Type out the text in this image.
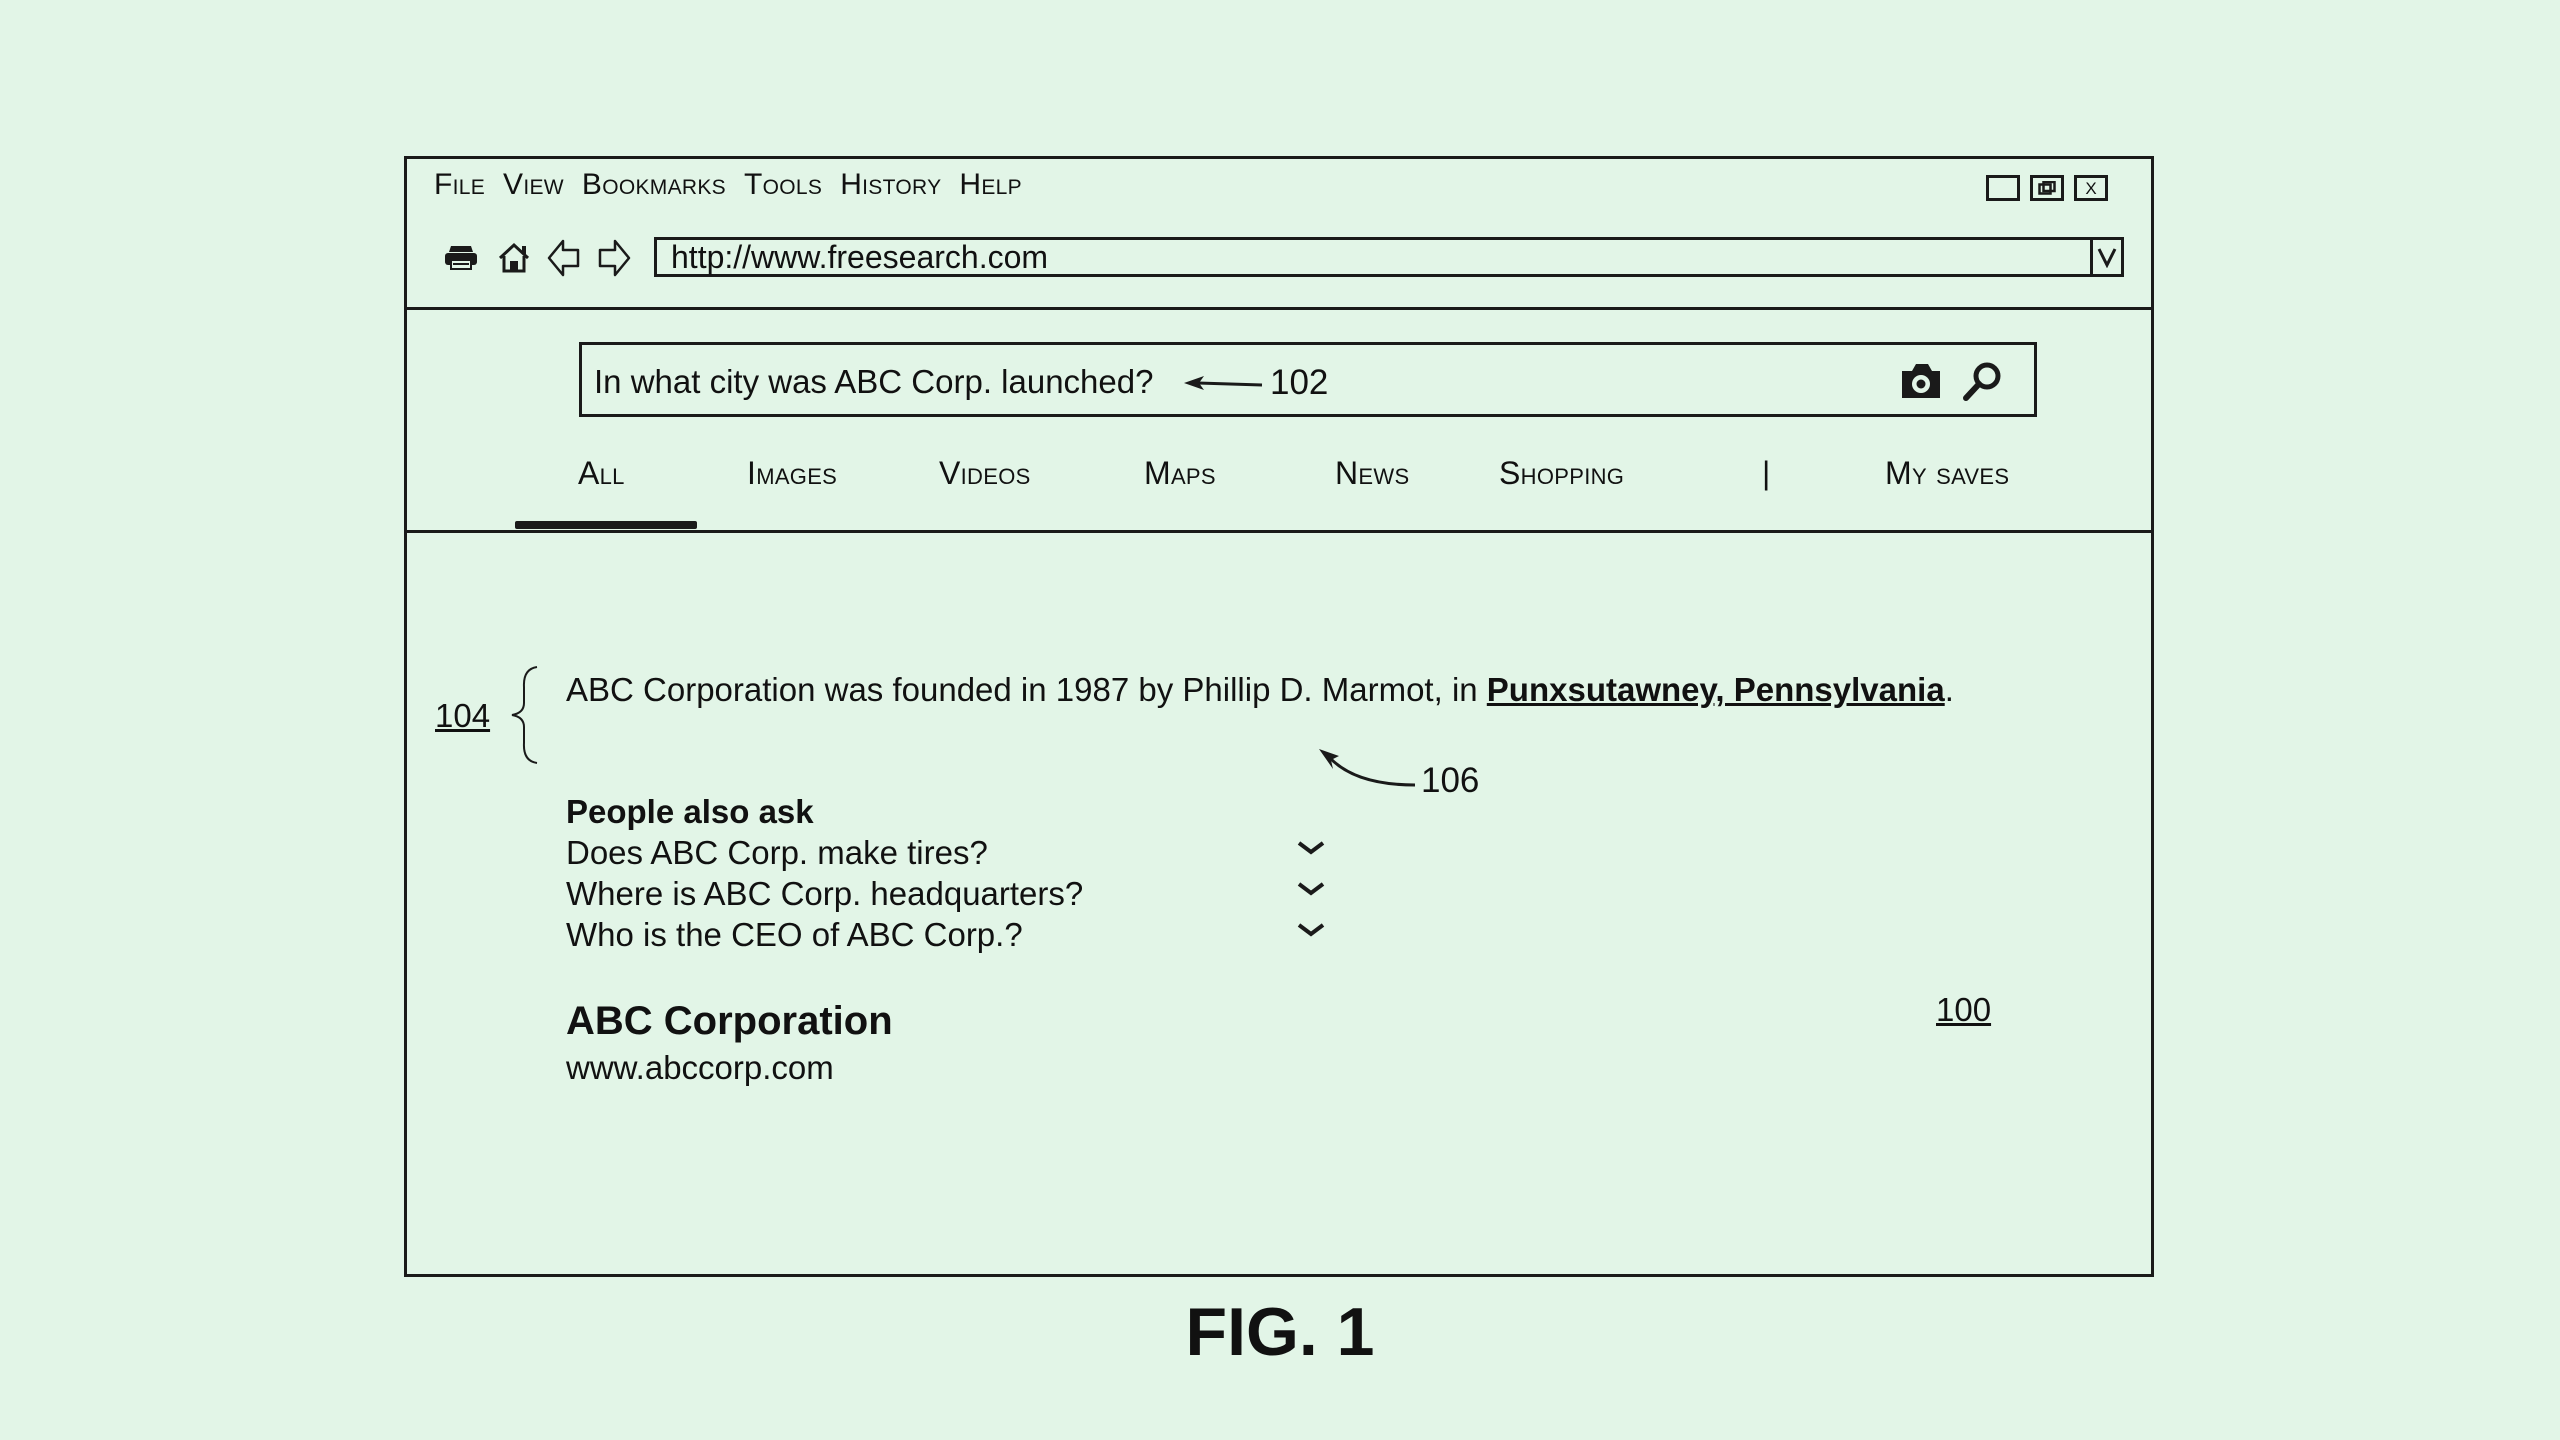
File View Bookmarks Tools History Help	X
http://www.freesearch.com
In what city was ABC Corp. launched?	102
All	Images	Videos	Maps	News	Shopping	|	My saves
104
ABC Corporation was founded in 1987 by Phillip D. Marmot, in Punxsutawney, Pennsylvania.
106
People also ask
Does ABC Corp. make tires?
Where is ABC Corp. headquarters?
Who is the CEO of ABC Corp.?
ABC Corporation
www.abccorp.com
100
FIG. 1
